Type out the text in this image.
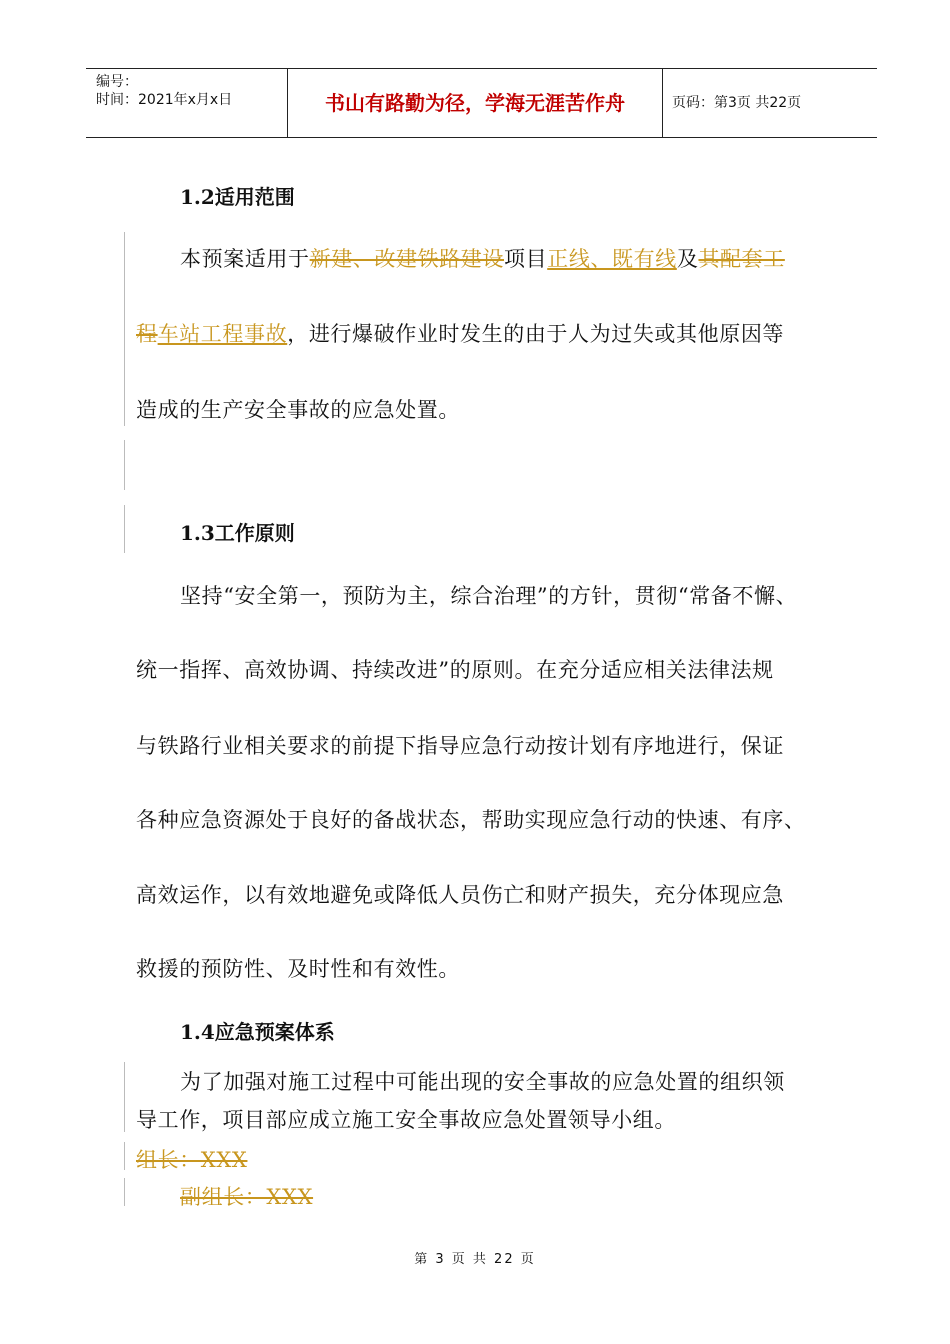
编号：
时间：2021年x月x日	书山有路勤为径，学海无涯苦作舟	页码：第3页 共22页
1.2适用范围
本预案适用于新建、改建铁路建设项目正线、既有线及其配套工
程车站工程事故，进行爆破作业时发生的由于人为过失或其他原因等
造成的生产安全事故的应急处置。
1.3工作原则
坚持“安全第一，预防为主，综合治理”的方针，贯彻“常备不懈、
统一指挥、高效协调、持续改进”的原则。在充分适应相关法律法规
与铁路行业相关要求的前提下指导应急行动按计划有序地进行，保证
各种应急资源处于良好的备战状态，帮助实现应急行动的快速、有序、
高效运作，以有效地避免或降低人员伤亡和财产损失，充分体现应急
救援的预防性、及时性和有效性。
1.4应急预案体系
为了加强对施工过程中可能出现的安全事故的应急处置的组织领
导工作，项目部应成立施工安全事故应急处置领导小组。
组长：XXX
副组长：XXX
第 3 页 共 22 页
